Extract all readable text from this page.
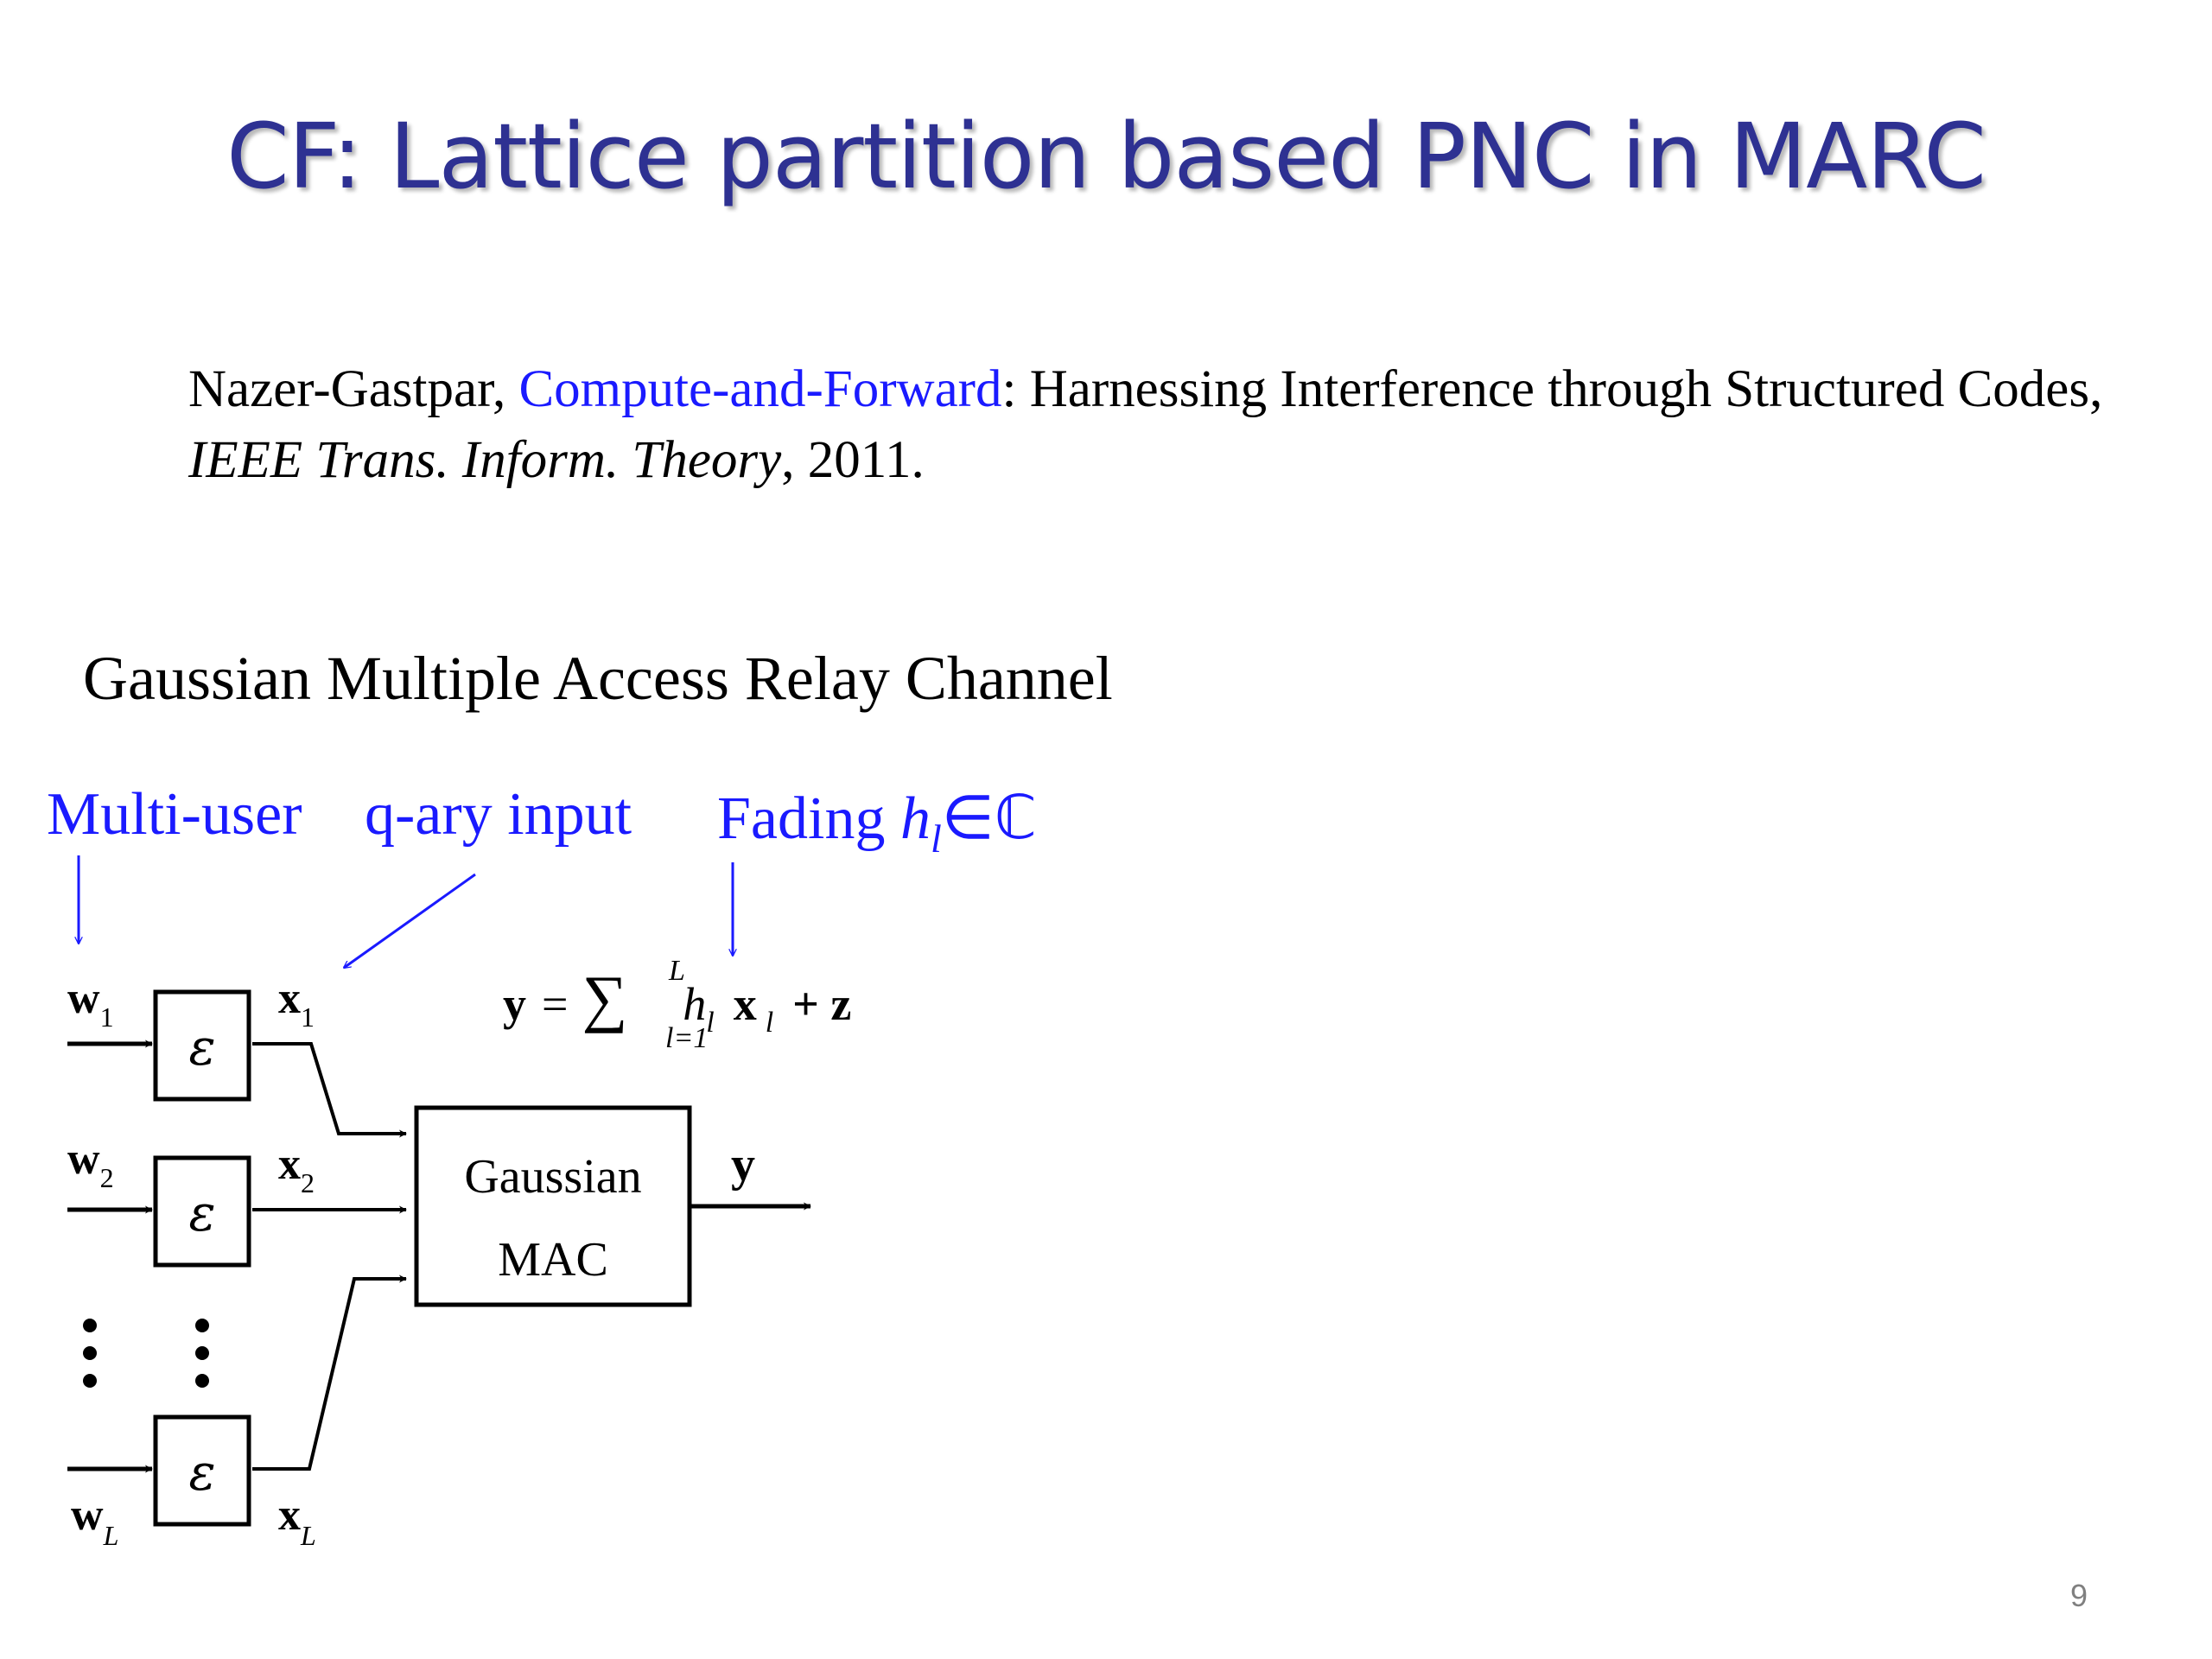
CF: Lattice partition based PNC in MARC
Nazer-Gastpar, Compute-and-Forward: Harnessing Interference through Structured Codes, IEEE Trans. Inform. Theory, 2011.
Gaussian Multiple Access Relay Channel
Multi-user q-ary input Fading $h_l\in ℂ$
y = ∑ $h_l$ x $_l$ + z
L
l=1
$w_1$
ε
$x_1$
$w_2$
ε
$x_2$
ε
$w_L$	$x_L$
Gaussian
MAC
y
9
